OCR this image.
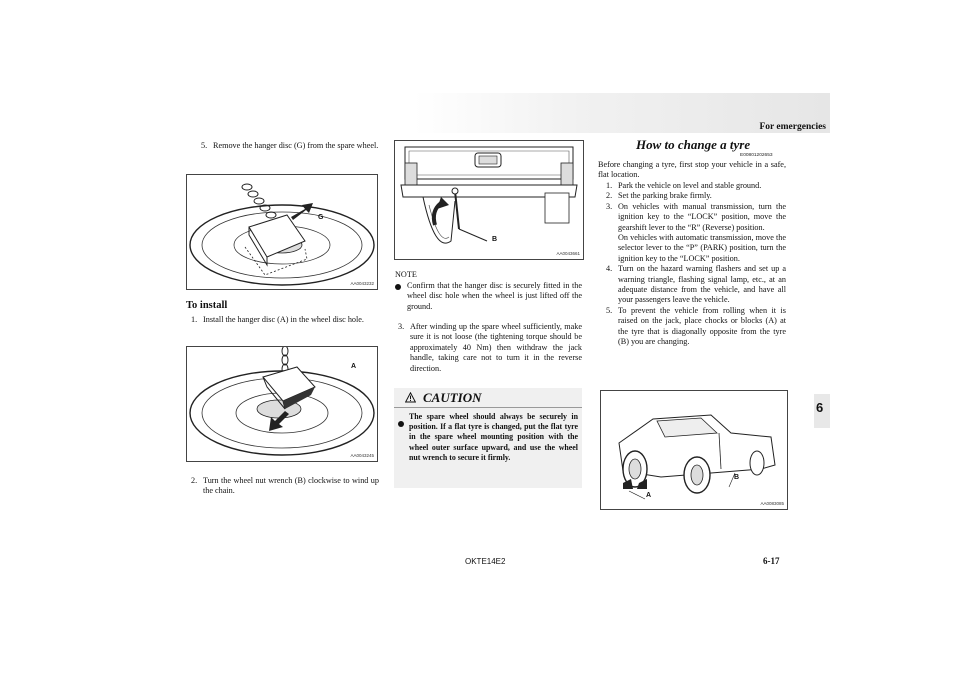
For emergencies
6
5. Remove the hanger disc (G) from the spare wheel.
G
AA0043232
To install
1. Install the hanger disc (A) in the wheel disc hole.
A
AA0043245
2. Turn the wheel nut wrench (B) clockwise to wind up the chain.
B
AA0043661
NOTE
Confirm that the hanger disc is securely fitted in the wheel disc hole when the wheel is just lifted off the ground.
3. After winding up the spare wheel sufficiently, make sure it is not loose (the tightening torque should be approximately 40 Nm) then withdraw the jack handle, taking care not to turn it in the reverse direction.
CAUTION
The spare wheel should always be securely in position. If a flat tyre is changed, put the flat tyre in the spare wheel mounting position with the wheel outer surface upward, and use the wheel nut wrench to secure it firmly.
How to change a tyre
E00801202653
Before changing a tyre, first stop your vehicle in a safe, flat location.
1. Park the vehicle on level and stable ground.
2. Set the parking brake firmly.
3. On vehicles with manual transmission, turn the ignition key to the “LOCK” position, move the gearshift lever to the “R” (Reverse) position.
On vehicles with automatic transmission, move the selector lever to the “P” (PARK) position, turn the ignition key to the “LOCK” position.
4. Turn on the hazard warning flashers and set up a warning triangle, flashing signal lamp, etc., at an adequate distance from the vehicle, and have all your passengers leave the vehicle.
5. To prevent the vehicle from rolling when it is raised on the jack, place chocks or blocks (A) at the tyre that is diagonally opposite from the tyre (B) you are changing.
A
B
AA0083085
OKTE14E2	6-17
